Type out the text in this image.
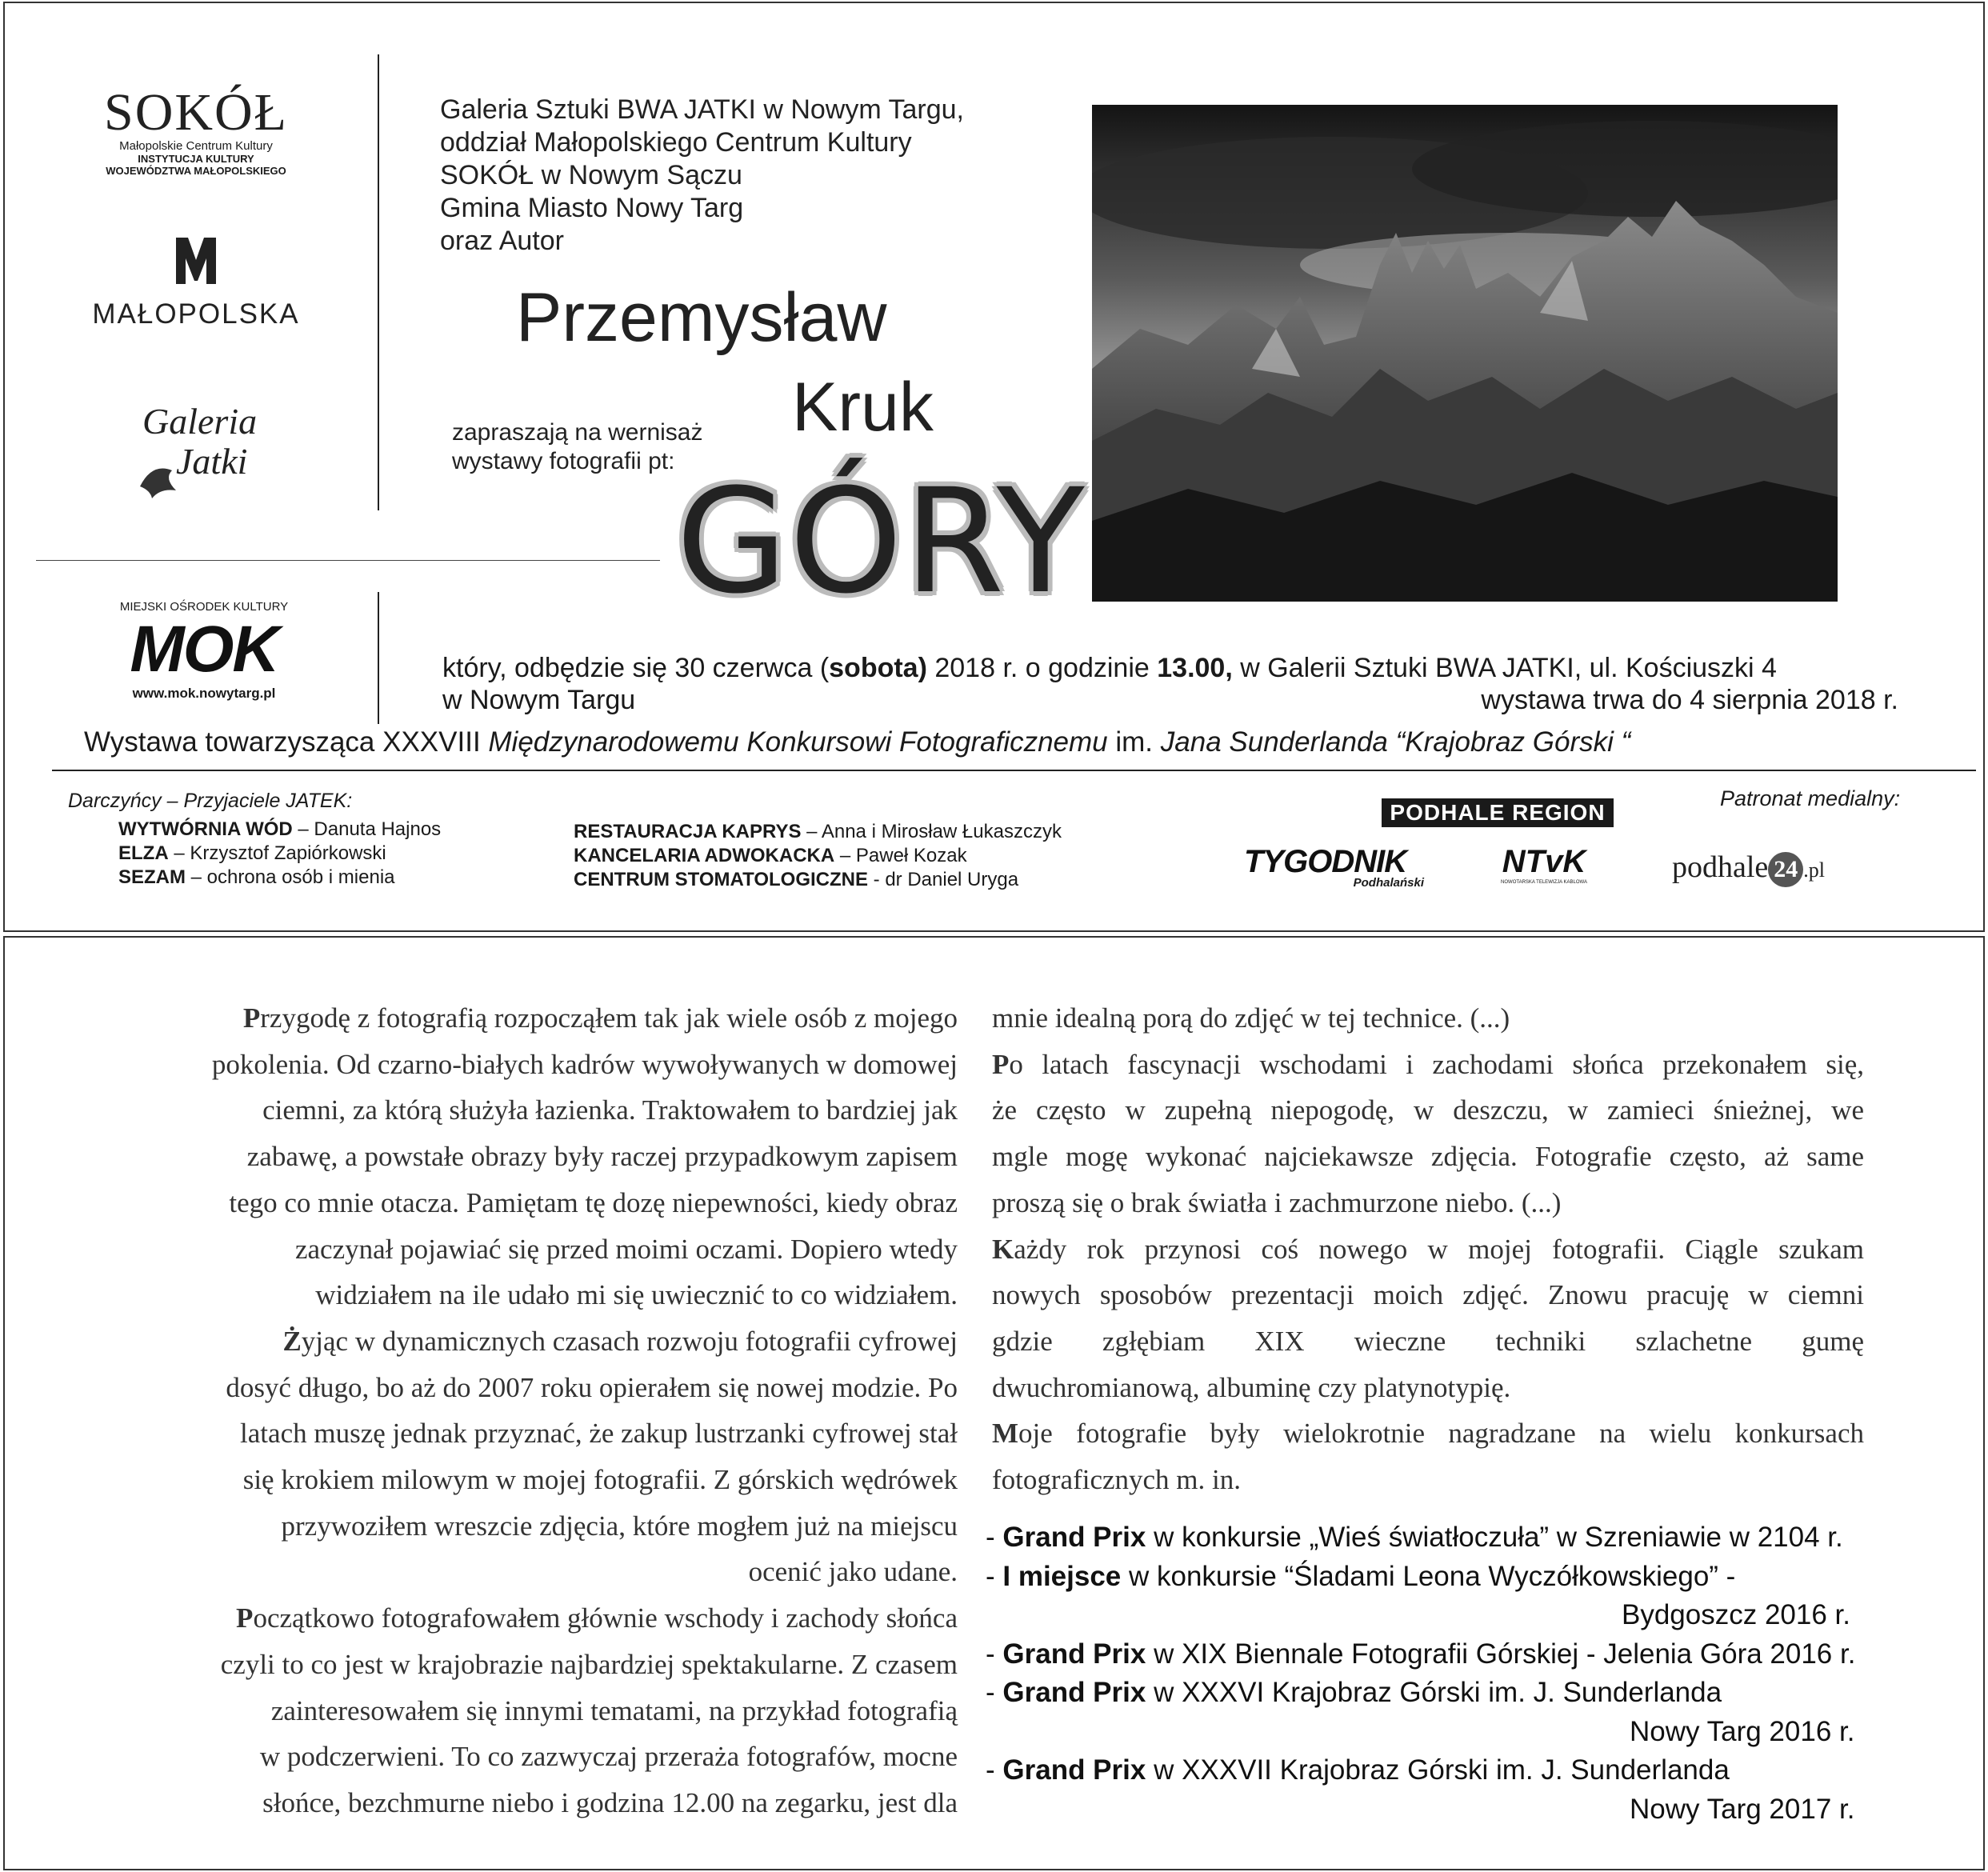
SOKÓŁ
Małopolskie Centrum Kultury
INSTYTUCJA KULTURY
WOJEWÓDZTWA MAŁOPOLSKIEGO
MAŁOPOLSKA
Galeria
Jatki
MIEJSKI OŚRODEK KULTURY
MOK
www.mok.nowytarg.pl
Galeria Sztuki BWA JATKI w Nowym Targu,
oddział Małopolskiego Centrum Kultury
SOKÓŁ w Nowym Sączu
Gmina Miasto Nowy Targ
oraz Autor
Przemysław
Kruk
zapraszają na wernisaż
wystawy fotografii pt: GÓRY
który, odbędzie się 30 czerwca (sobota) 2018 r. o godzinie 13.00, w Galerii Sztuki BWA JATKI, ul. Kościuszki 4
w Nowym Targu	wystawa trwa do 4 sierpnia 2018 r.
Wystawa towarzysząca XXXVIII Międzynarodowemu Konkursowi Fotograficznemu im. Jana Sunderlanda “Krajobraz Górski “
Darczyńcy – Przyjaciele JATEK:
WYTWÓRNIA WÓD – Danuta Hajnos
ELZA – Krzysztof Zapiórkowski
SEZAM – ochrona osób i mienia
RESTAURACJA KAPRYS – Anna i Mirosław Łukaszczyk
KANCELARIA ADWOKACKA – Paweł Kozak
CENTRUM STOMATOLOGICZNE - dr Daniel Uryga
Patronat medialny:
PODHALE REGION
TYGODNIK
Podhalański
NTvK
NOWOTARSKA TELEWIZJA KABLOWA	podhale 24 .pl
Przygodę z fotografią rozpocząłem tak jak wiele osób z mojego
pokolenia. Od czarno-białych kadrów wywoływanych w domowej
ciemni, za którą służyła łazienka. Traktowałem to bardziej jak
zabawę, a powstałe obrazy były raczej przypadkowym zapisem
tego co mnie otacza. Pamiętam tę dozę niepewności, kiedy obraz
zaczynał pojawiać się przed moimi oczami. Dopiero wtedy
widziałem na ile udało mi się uwiecznić to co widziałem.
Żyjąc w dynamicznych czasach rozwoju fotografii cyfrowej
dosyć długo, bo aż do 2007 roku opierałem się nowej modzie. Po
latach muszę jednak przyznać, że zakup lustrzanki cyfrowej stał
się krokiem milowym w mojej fotografii. Z górskich wędrówek
przywoziłem wreszcie zdjęcia, które mogłem już na miejscu
ocenić jako udane.
Początkowo fotografowałem głównie wschody i zachody słońca
czyli to co jest w krajobrazie najbardziej spektakularne. Z czasem
zainteresowałem się innymi tematami, na przykład fotografią
w podczerwieni. To co zazwyczaj przeraża fotografów, mocne
słońce, bezchmurne niebo i godzina 12.00 na zegarku, jest dla
mnie idealną porą do zdjęć w tej technice. (...)
Po latach fascynacji wschodami i zachodami słońca przekonałem się,
że często w zupełną niepogodę, w deszczu, w zamieci śnieżnej, we
mgle mogę wykonać najciekawsze zdjęcia. Fotografie często, aż same
proszą się o brak światła i zachmurzone niebo. (...)
Każdy rok przynosi coś nowego w mojej fotografii. Ciągle szukam
nowych sposobów prezentacji moich zdjęć. Znowu pracuję w ciemni
gdzie zgłębiam XIX wieczne techniki szlachetne gumę
dwuchromianową, albuminę czy platynotypię.
Moje fotografie były wielokrotnie nagradzane na wielu konkursach
fotograficznych m. in.
- Grand Prix w konkursie „Wieś światłoczuła” w Szreniawie w 2104 r.
- I miejsce w konkursie “Śladami Leona Wyczółkowskiego” -
Bydgoszcz 2016 r.
- Grand Prix w XIX Biennale Fotografii Górskiej - Jelenia Góra 2016 r.
- Grand Prix w XXXVI Krajobraz Górski im. J. Sunderlanda
Nowy Targ 2016 r.
- Grand Prix w XXXVII Krajobraz Górski im. J. Sunderlanda
Nowy Targ 2017 r.
